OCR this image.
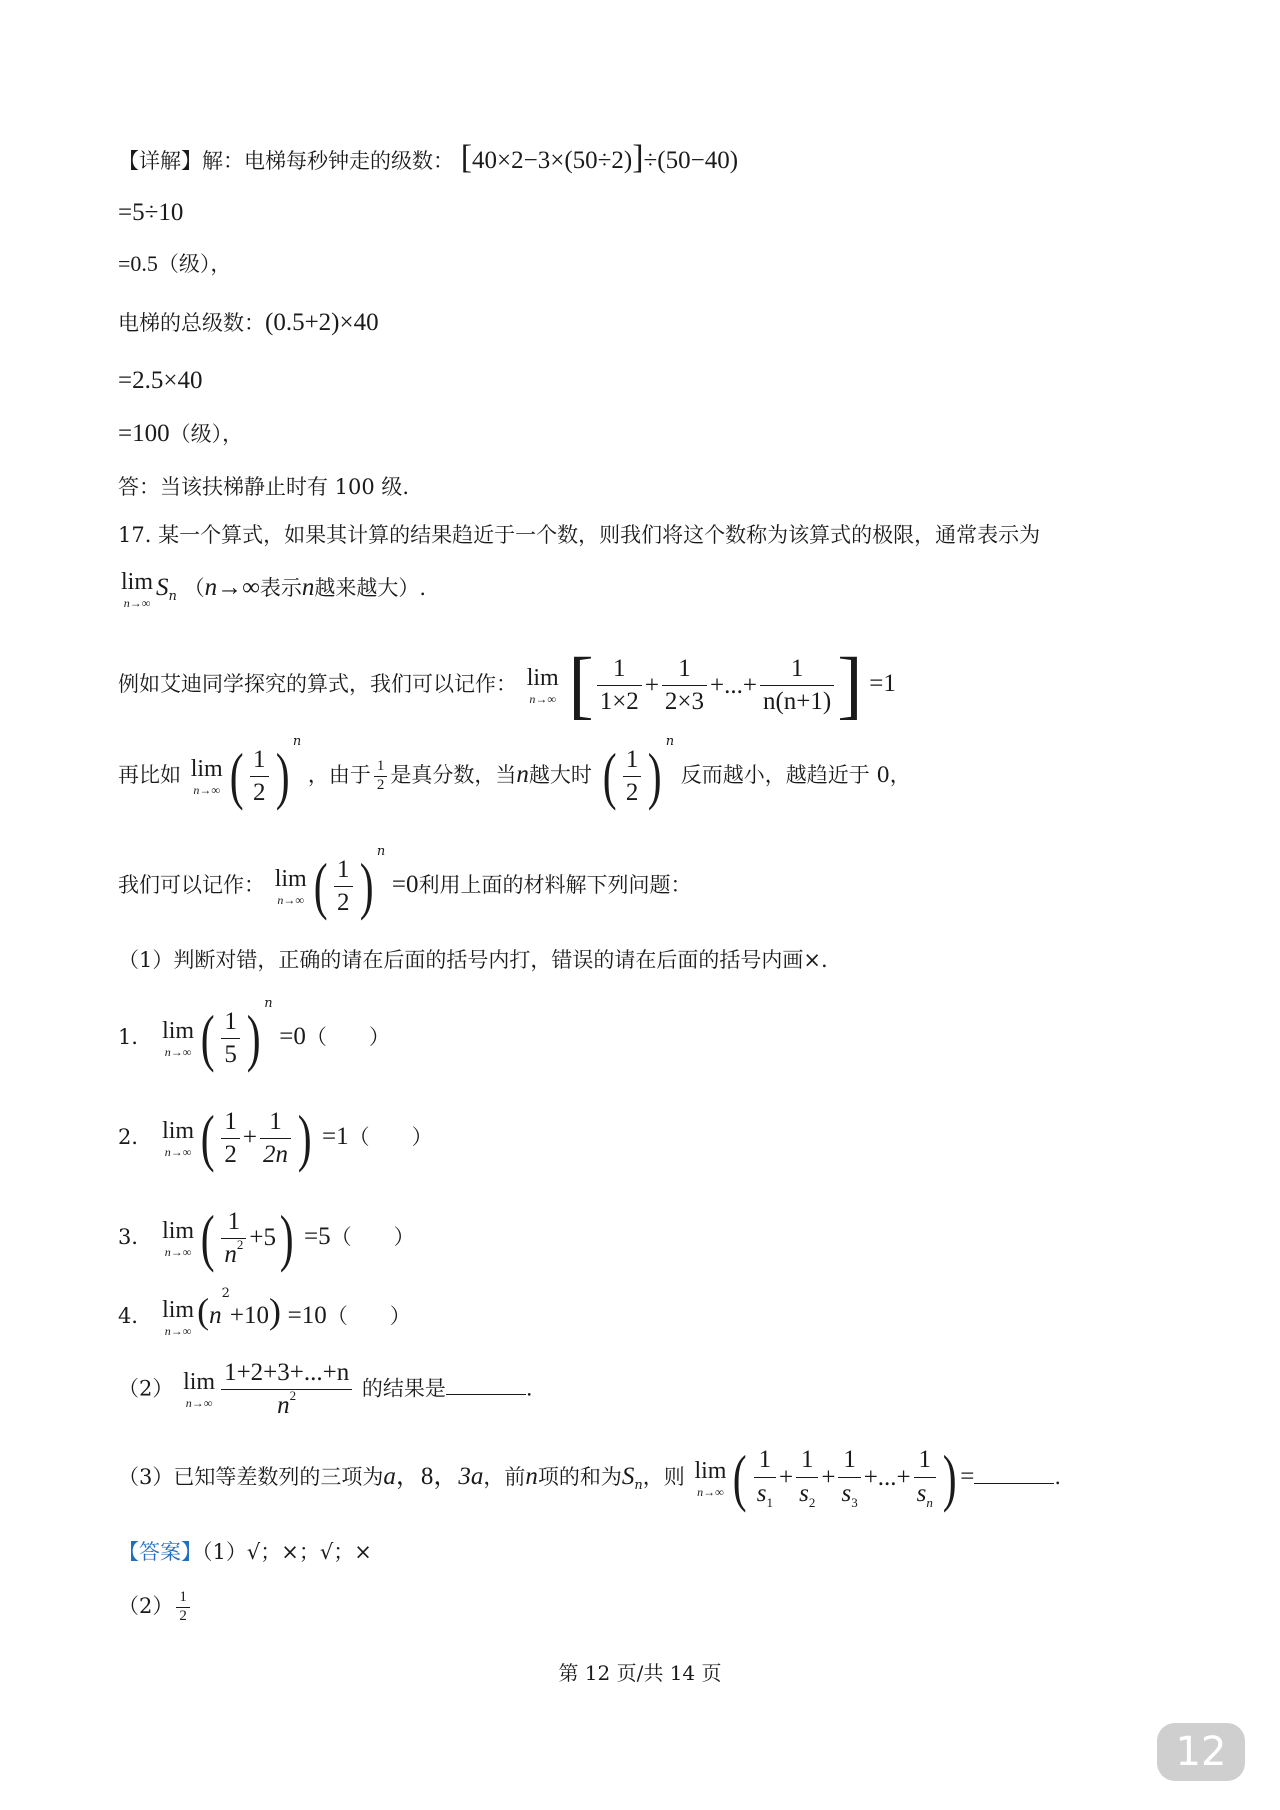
【详解】解：电梯每秒钟走的级数： [40×2−3×(50÷2)]÷(50−40)
=5÷10
=0.5（级），
电梯的总级数：(0.5+2)×40
=2.5×40
=100（级），
答：当该扶梯静止时有 100 级.
17. 某一个算式，如果其计算的结果趋近于一个数，则我们将这个数称为该算式的极限，通常表示为
lim
n→∞
$S_n$ （n→∞表示n越来越大）.
例如艾迪同学探究的算式，我们可以记作： lim
n→∞
[ $\frac{1}{1\times 2} + \frac{1}{2\times 3}$ +...+ $\frac{1}{n(n+1)}$ ] =1
再比如 lim
n→∞ ( $\frac{1}{2}$ ) $^n$ ，由于 $\frac{1}{2}$ 是真分数，当n越大时 ( $\frac{1}{2}$ ) $^n$ 反而越小，越趋近于 0，
我们可以记作： lim
n→∞ ( $\frac{1}{2}$ ) $^n$ =0利用上面的材料解下列问题：
（1）判断对错，正确的请在后面的括号内打，错误的请在后面的括号内画×.
1． lim
n→∞ ( $\frac{1}{5}$ ) $^n$ =0（　　）
2． lim
n→∞ ( $\frac{1}{2} + \frac{1}{2n}$ ) =1（　　）
3． lim
n→∞ ( $\frac{1}{n^2} +5$ ) =5（　　）
4． lim
n→∞ $(n^2+10) =10$（　　）
（2） lim
$n\to\infty \frac{1+2+3+...+n}{n^2}$ 的结果是	.
（3）已知等差数列的三项为a，8，3a，前n项的和为$S_n$，则 lim
n→∞ ( $\frac{1}{s_1} + \frac{1}{s_2} + \frac{1}{s_3}$ +...+ $\frac{1}{s_n}$ ) =	.
【答案】（1）√；×；√；×
$(2) \frac{1}{2}$
第 12 页/共 14 页
12
